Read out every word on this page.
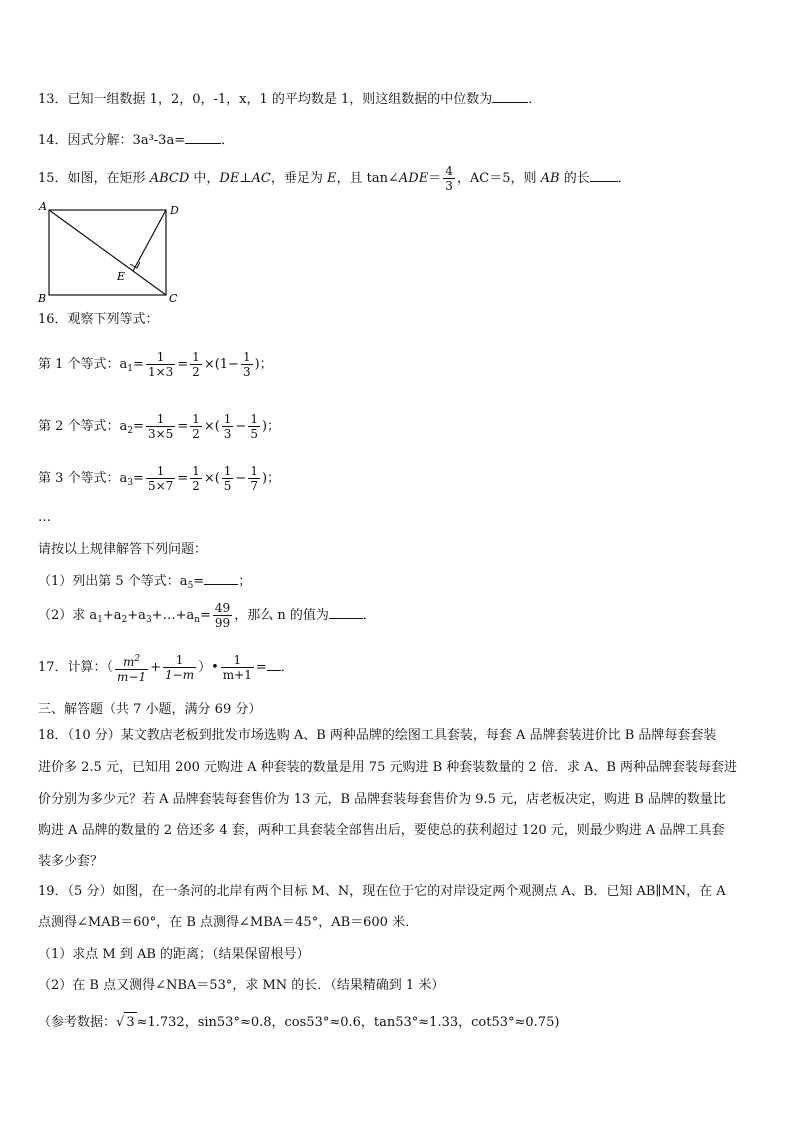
13．已知一组数据 1，2，0，-1，x，1 的平均数是 1，则这组数据的中位数为	．
14．因式分解：3a³-3a=	．
15．如图，在矩形 ABCD 中，DE⊥AC，垂足为 E，且 tan∠ADE＝ $\frac{4}{3}$ ，AC＝5，则 AB 的长 ．
A	D
E
B	C
16．观察下列等式：
第 1 个等式：$a_1= \frac{1}{1\times 3} = \frac{1}{2} \times(1- \frac{1}{3}$ )；
第 2 个等式：$a_2= \frac{1}{3\times 5} = \frac{1}{2}$ ×( $\frac{1}{3} - \frac{1}{5}$ )；
第 3 个等式：$a_3= \frac{1}{5\times 7} = \frac{1}{2}$ ×( $\frac{1}{5} - \frac{1}{7}$ )；
…
请按以上规律解答下列问题：
（1）列出第 5 个等式：$a_5=$	；
（2）求 $a_1+a_2+a_3+\dots+a_n= \frac{49}{99}$ ，那么 n 的值为	．
17．计算：（ $\frac{m^2}{m-1} + \frac{1}{1-m}$ ）• $\frac{1}{m+1}$ = ．
三、解答题（共 7 小题，满分 69 分）
18．（10 分）某文教店老板到批发市场选购 A、B 两种品牌的绘图工具套装，每套 A 品牌套装进价比 B 品牌每套套装
进价多 2.5 元，已知用 200 元购进 A 种套装的数量是用 75 元购进 B 种套装数量的 2 倍．求 A、B 两种品牌套装每套进
价分别为多少元？若 A 品牌套装每套售价为 13 元，B 品牌套装每套售价为 9.5 元，店老板决定，购进 B 品牌的数量比
购进 A 品牌的数量的 2 倍还多 4 套，两种工具套装全部售出后，要使总的获利超过 120 元，则最少购进 A 品牌工具套
装多少套？
19．（5 分）如图，在一条河的北岸有两个目标 M、N，现在位于它的对岸设定两个观测点 A、B．已知 AB∥MN，在 A
点测得∠MAB＝60°，在 B 点测得∠MBA＝45°，AB＝600 米．
（1）求点 M 到 AB 的距离；（结果保留根号）
（2）在 B 点又测得∠NBA＝53°，求 MN 的长．（结果精确到 1 米）
（参考数据：√ 3 ≈1.732，sin53°≈0.8，cos53°≈0.6，tan53°≈1.33，cot53°≈0.75)
